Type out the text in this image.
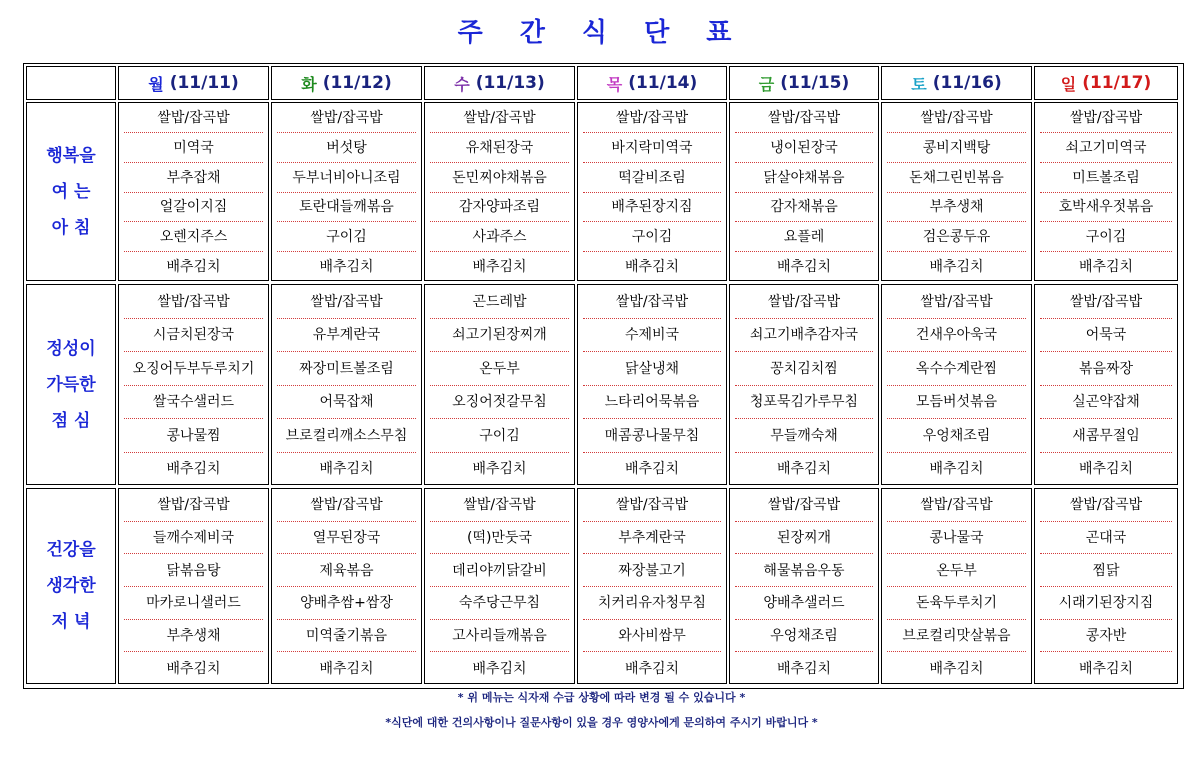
주 간 식 단 표
월 (11/11)	화 (11/12)	수 (11/13)	목 (11/14)	금 (11/15)	토 (11/16)	일 (11/17)
행복을
여 는
아 침
쌀밥/잡곡밥	쌀밥/잡곡밥	쌀밥/잡곡밥	쌀밥/잡곡밥	쌀밥/잡곡밥	쌀밥/잡곡밥	쌀밥/잡곡밥
미역국	버섯탕	유채된장국	바지락미역국	냉이된장국	콩비지백탕	쇠고기미역국
부추잡채	두부너비아니조림	돈민찌야채볶음	떡갈비조림	닭살야채볶음	돈채그린빈볶음	미트볼조림
얼갈이지짐	토란대들깨볶음	감자양파조림	배추된장지짐	감자채볶음	부추생채	호박새우젓볶음
오렌지주스	구이김	사과주스	구이김	요플레	검은콩두유	구이김
배추김치	배추김치	배추김치	배추김치	배추김치	배추김치	배추김치
정성이
가득한
점 심
쌀밥/잡곡밥	쌀밥/잡곡밥	곤드레밥	쌀밥/잡곡밥	쌀밥/잡곡밥	쌀밥/잡곡밥	쌀밥/잡곡밥
시금치된장국	유부계란국	쇠고기된장찌개	수제비국	쇠고기배추감자국	건새우아욱국	어묵국
오징어두부두루치기	짜장미트볼조림	온두부	닭살냉채	꽁치김치찜	옥수수계란찜	볶음짜장
쌀국수샐러드	어묵잡채	오징어젓갈무침	느타리어묵볶음	청포묵김가루무침	모듬버섯볶음	실곤약잡채
콩나물찜	브로컬리깨소스무침	구이김	매콤콩나물무침	무들깨숙채	우엉채조림	새콤무절임
배추김치	배추김치	배추김치	배추김치	배추김치	배추김치	배추김치
건강을
생각한
저 녁
쌀밥/잡곡밥	쌀밥/잡곡밥	쌀밥/잡곡밥	쌀밥/잡곡밥	쌀밥/잡곡밥	쌀밥/잡곡밥	쌀밥/잡곡밥
들깨수제비국	열무된장국	(떡)만둣국	부추계란국	된장찌개	콩나물국	곤대국
닭볶음탕	제육볶음	데리야끼닭갈비	짜장불고기	해물볶음우동	온두부	찜닭
마카로니샐러드	양배추쌈+쌈장	숙주당근무침	치커리유자청무침	양배추샐러드	돈육두루치기	시래기된장지짐
부추생채	미역줄기볶음	고사리들깨볶음	와사비쌈무	우엉채조림	브로컬리맛살볶음	콩자반
배추김치	배추김치	배추김치	배추김치	배추김치	배추김치	배추김치
* 위 메뉴는 식자재 수급 상황에 따라 변경 될 수 있습니다 *
*식단에 대한 건의사항이나 질문사항이 있을 경우 영양사에게 문의하여 주시기 바랍니다 *
